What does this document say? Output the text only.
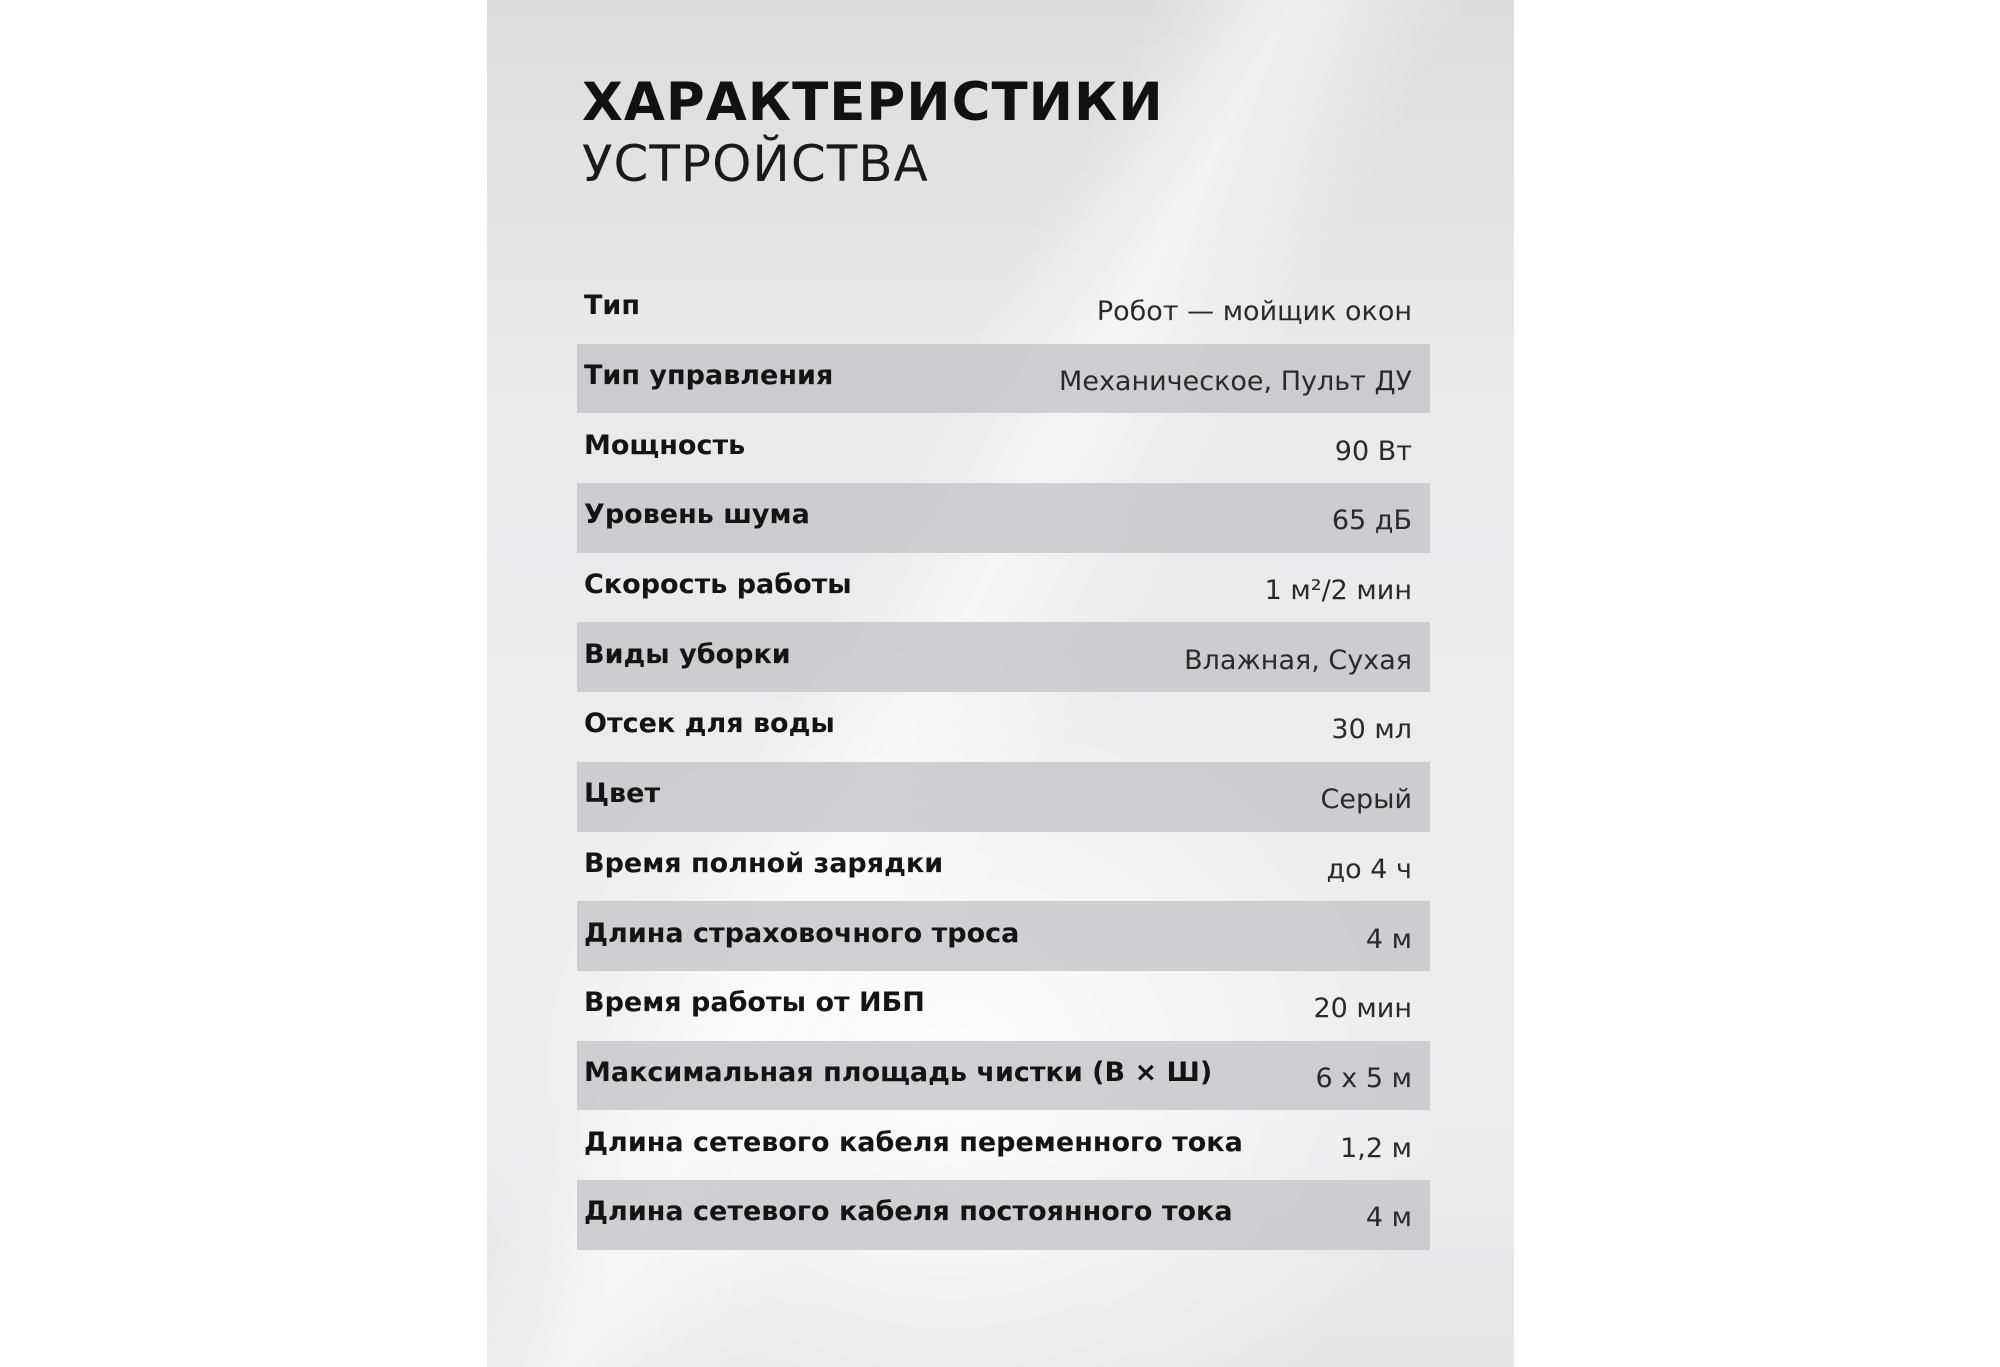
ХАРАКТЕРИСТИКИ
УСТРОЙСТВА
Тип	Робот — мойщик окон
Тип управления	Механическое, Пульт ДУ
Мощность	90 Вт
Уровень шума	65 дБ
Скорость работы	1 м²/2 мин
Виды уборки	Влажная, Сухая
Отсек для воды	30 мл
Цвет	Серый
Время полной зарядки	до 4 ч
Длина страховочного троса	4 м
Время работы от ИБП	20 мин
Максимальная площадь чистки (В × Ш)	6 x 5 м
Длина сетевого кабеля переменного тока	1,2 м
Длина сетевого кабеля постоянного тока	4 м
